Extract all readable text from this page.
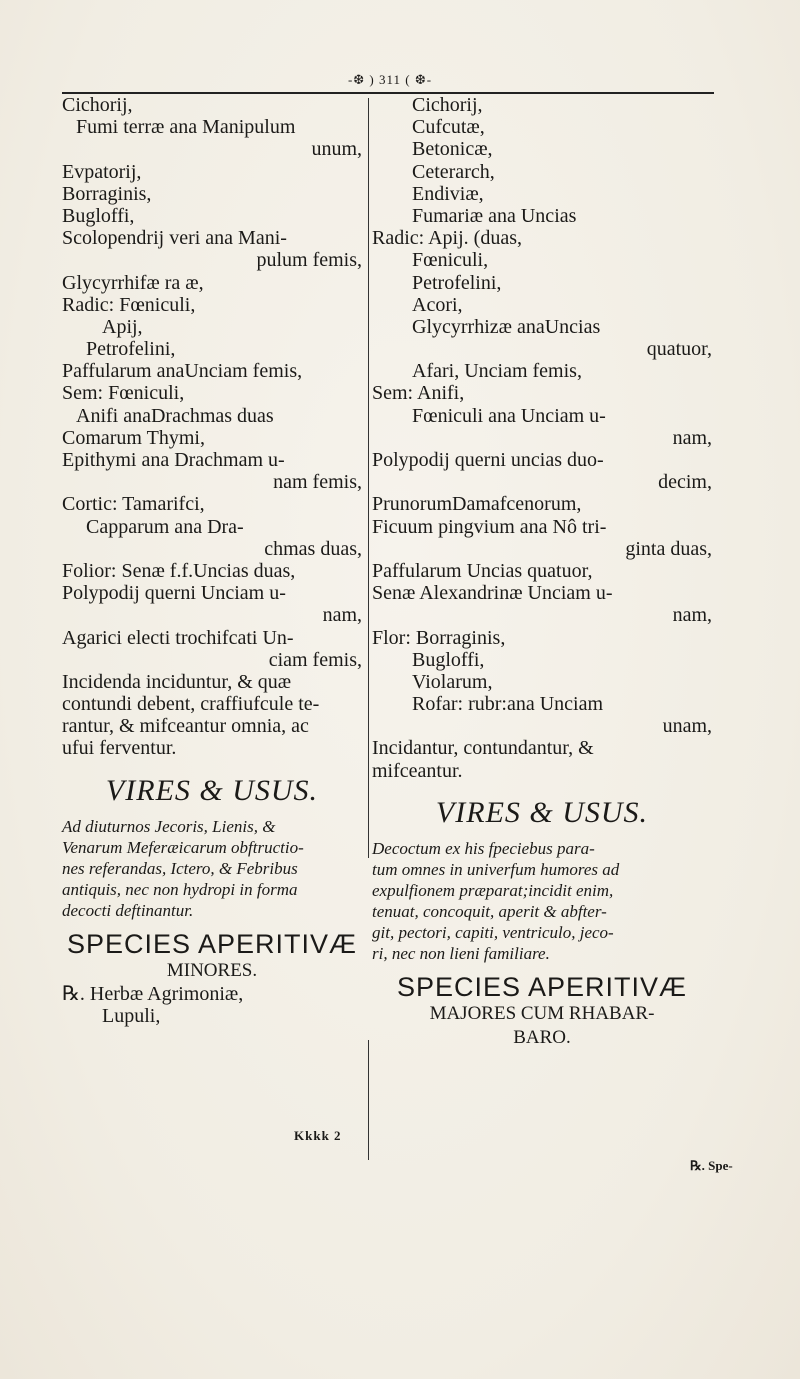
-❆ ) 311 ( ❆-
Cichorij,
Fumi terræ ana Manipulum
unum,
Evpatorij,
Borraginis,
Bugloffi,
Scolopendrij veri ana Mani-
pulum femis,
Glycyrrhifæ ra æ,
Radic: Fœniculi,
Apij,
Petrofelini,
Paffularum anaUnciam femis,
Sem: Fœniculi,
Anifi anaDrachmas duas
Comarum Thymi,
Epithymi ana Drachmam u-
nam femis,
Cortic: Tamarifci,
Capparum ana Dra-
chmas duas,
Folior: Senæ f.f.Uncias duas,
Polypodij querni Unciam u-
nam,
Agarici electi trochifcati Un-
ciam femis,
Incidenda inciduntur, & quæ
contundi debent, craffiufcule te-
rantur, & mifceantur omnia, ac
ufui ferventur.
VIRES & USUS.
Ad diuturnos Jecoris, Lienis, &
Venarum Meferæicarum obftructio-
nes referandas, Ictero, & Febribus
antiquis, nec non hydropi in forma
decocti deftinantur.
SPECIES APERITIVÆ
MINORES.
℞. Herbæ Agrimoniæ,
Lupuli,
Cichorij,
Cufcutæ,
Betonicæ,
Ceterarch,
Endiviæ,
Fumariæ ana Uncias
Radic: Apij. (duas,
Fœniculi,
Petrofelini,
Acori,
Glycyrrhizæ anaUncias
quatuor,
Afari, Unciam femis,
Sem: Anifi,
Fœniculi ana Unciam u-
nam,
Polypodij querni uncias duo-
decim,
PrunorumDamafcenorum,
Ficuum pingvium ana Nô tri-
ginta duas,
Paffularum Uncias quatuor,
Senæ Alexandrinæ Unciam u-
nam,
Flor: Borraginis,
Bugloffi,
Violarum,
Rofar: rubr:ana Unciam
unam,
Incidantur, contundantur, &
mifceantur.
VIRES & USUS.
Decoctum ex his fpeciebus para-
tum omnes in univerfum humores ad
expulfionem præparat;incidit enim,
tenuat, concoquit, aperit & abfter-
git, pectori, capiti, ventriculo, jeco-
ri, nec non lieni familiare.
SPECIES APERITIVÆ
MAJORES CUM RHABAR-
BARO.
Kkkk 2
℞. Spe-
